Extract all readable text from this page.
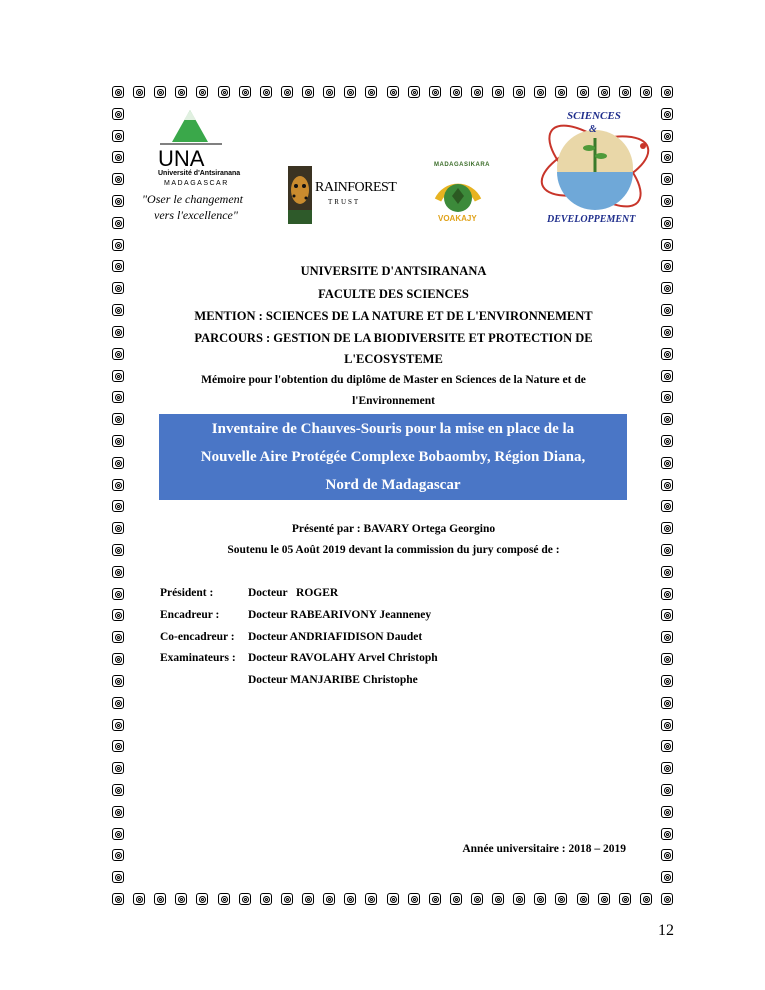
UNA
Université d'Antsiranana
MADAGASCAR
"Oser le changement
vers l'excellence"
RAINFOREST
TRUST
MADAGASIKARA
VOAKAJY
SCIENCES
&
DEVELOPPEMENT
UNIVERSITE D'ANTSIRANANA
FACULTE DES SCIENCES
MENTION : SCIENCES DE LA NATURE ET DE L'ENVIRONNEMENT
PARCOURS : GESTION DE LA BIODIVERSITE ET PROTECTION DE
L'ECOSYSTEME
Mémoire pour l'obtention du diplôme de Master en Sciences de la Nature et de
l'Environnement
Inventaire de Chauves-Souris pour la mise en place de la
Nouvelle Aire Protégée Complexe Bobaomby, Région Diana,
Nord de Madagascar
Présenté par : BAVARY Ortega Georgino
Soutenu le 05 Août 2019 devant la commission du jury composé de :
Président :	Docteur   ROGER
Encadreur : Docteur RABEARIVONY Jeanneney
Co-encadreur : Docteur ANDRIAFIDISON Daudet
Examinateurs : Docteur RAVOLAHY Arvel Christoph
Docteur MANJARIBE Christophe
Année universitaire : 2018 – 2019
12
